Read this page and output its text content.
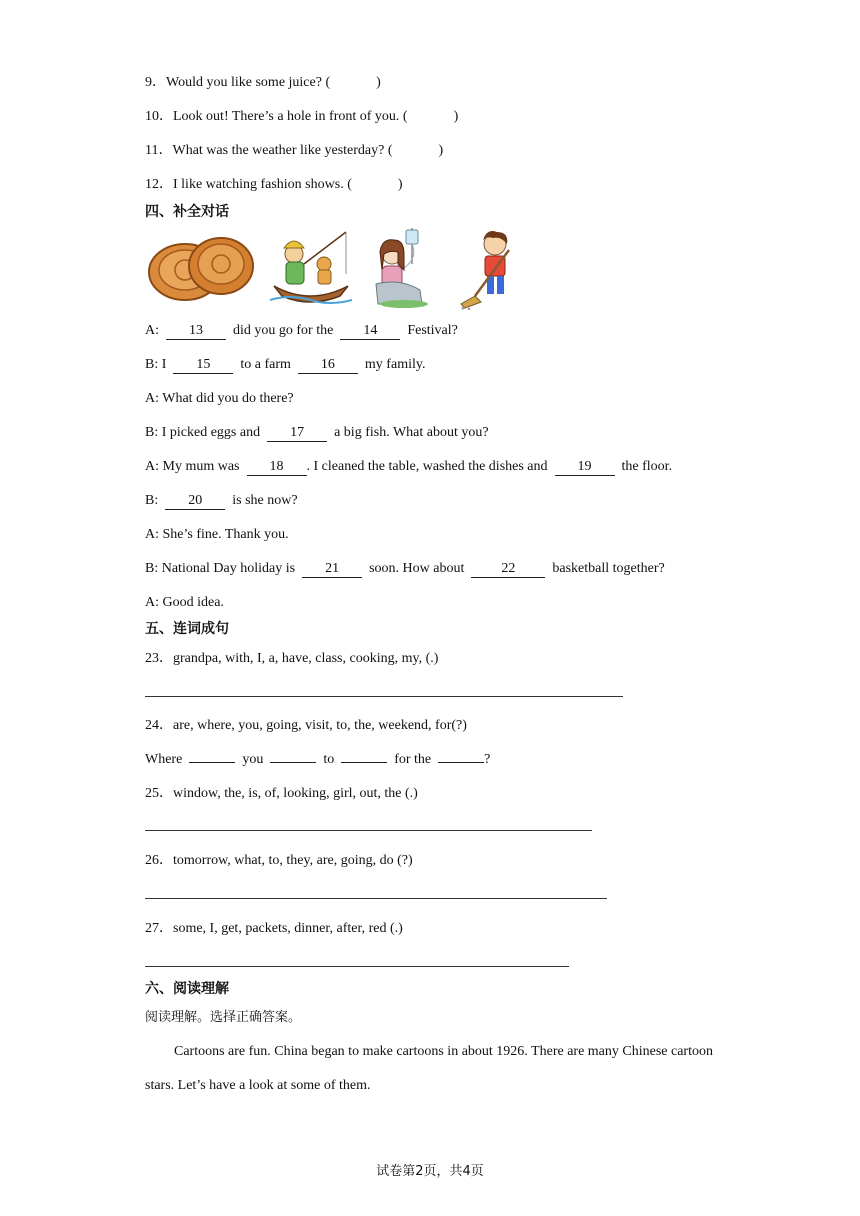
9．Would you like some juice? (	)
10．Look out! There’s a hole in front of you. (	)
11．What was the weather like yesterday? (	)
12．I like watching fashion shows. (	)
四、补全对话
A: 13 did you go for the 14 Festival?
B: I 15 to a farm 16 my family.
A: What did you do there?
B: I picked eggs and 17 a big fish. What about you?
A: My mum was 18 . I cleaned the table, washed the dishes and 19 the floor.
B: 20 is she now?
A: She’s fine. Thank you.
B: National Day holiday is 21 soon. How about	22	basketball together?
A: Good idea.
五、连词成句
23．grandpa, with, I, a, have, class, cooking, my, (.)
24．are, where, you, going, visit, to, the, weekend, for(?)
Where	you	to	for the	?
25．window, the, is, of, looking, girl, out, the (.)
26．tomorrow, what, to, they, are, going, do (?)
27．some, I, get, packets, dinner, after, red (.)
六、阅读理解
阅读理解。选择正确答案。
Cartoons are fun. China began to make cartoons in about 1926. There are many Chinese cartoon stars. Let’s have a look at some of them.
试卷第2页，共4页
